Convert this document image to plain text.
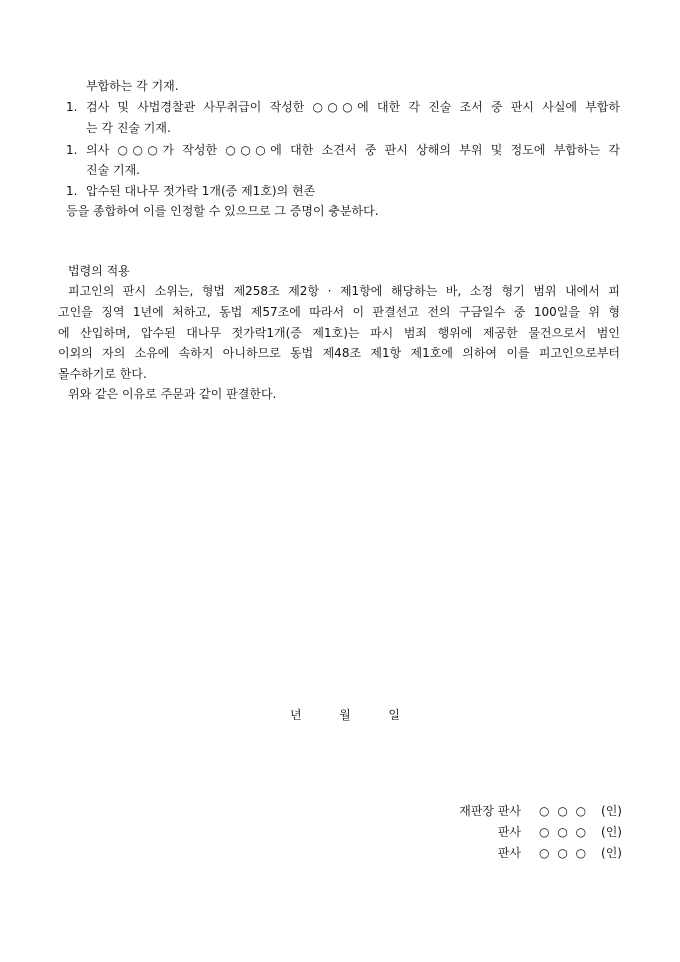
부합하는 각 기재.
1. 검사 및 사법경찰관 사무취급이 작성한 ○○○에 대한 각 진술 조서 중 판시 사실에 부합하
는 각 진술 기재.
1. 의사 ○○○가 작성한 ○○○에 대한 소견서 중 판시 상해의 부위 및 정도에 부합하는 각
진술 기재.
1. 압수된 대나무 젓가락 1개(증 제1호)의 현존
등을 종합하여 이를 인정할 수 있으므로 그 증명이 충분하다.
법령의 적용
피고인의 판시 소위는, 형법 제258조 제2항 · 제1항에 해당하는 바, 소정 형기 범위 내에서 피
고인을 징역 1년에 처하고, 동법 제57조에 따라서 이 판결선고 전의 구금일수 중 100일을 위 형
에 산입하며, 압수된 대나무 젓가락1개(증 제1호)는 파시 범죄 행위에 제공한 물건으로서 범인
이외의 자의 소유에 속하지 아니하므로 동법 제48조 제1항 제1호에 의하여 이를 피고인으로부터
몰수하기로 한다.
위와 같은 이유로 주문과 같이 판결한다.
년	월	일
재판장 판사 ○ ○ ○	(인)
판사 ○ ○ ○	(인)
판사 ○ ○ ○	(인)
